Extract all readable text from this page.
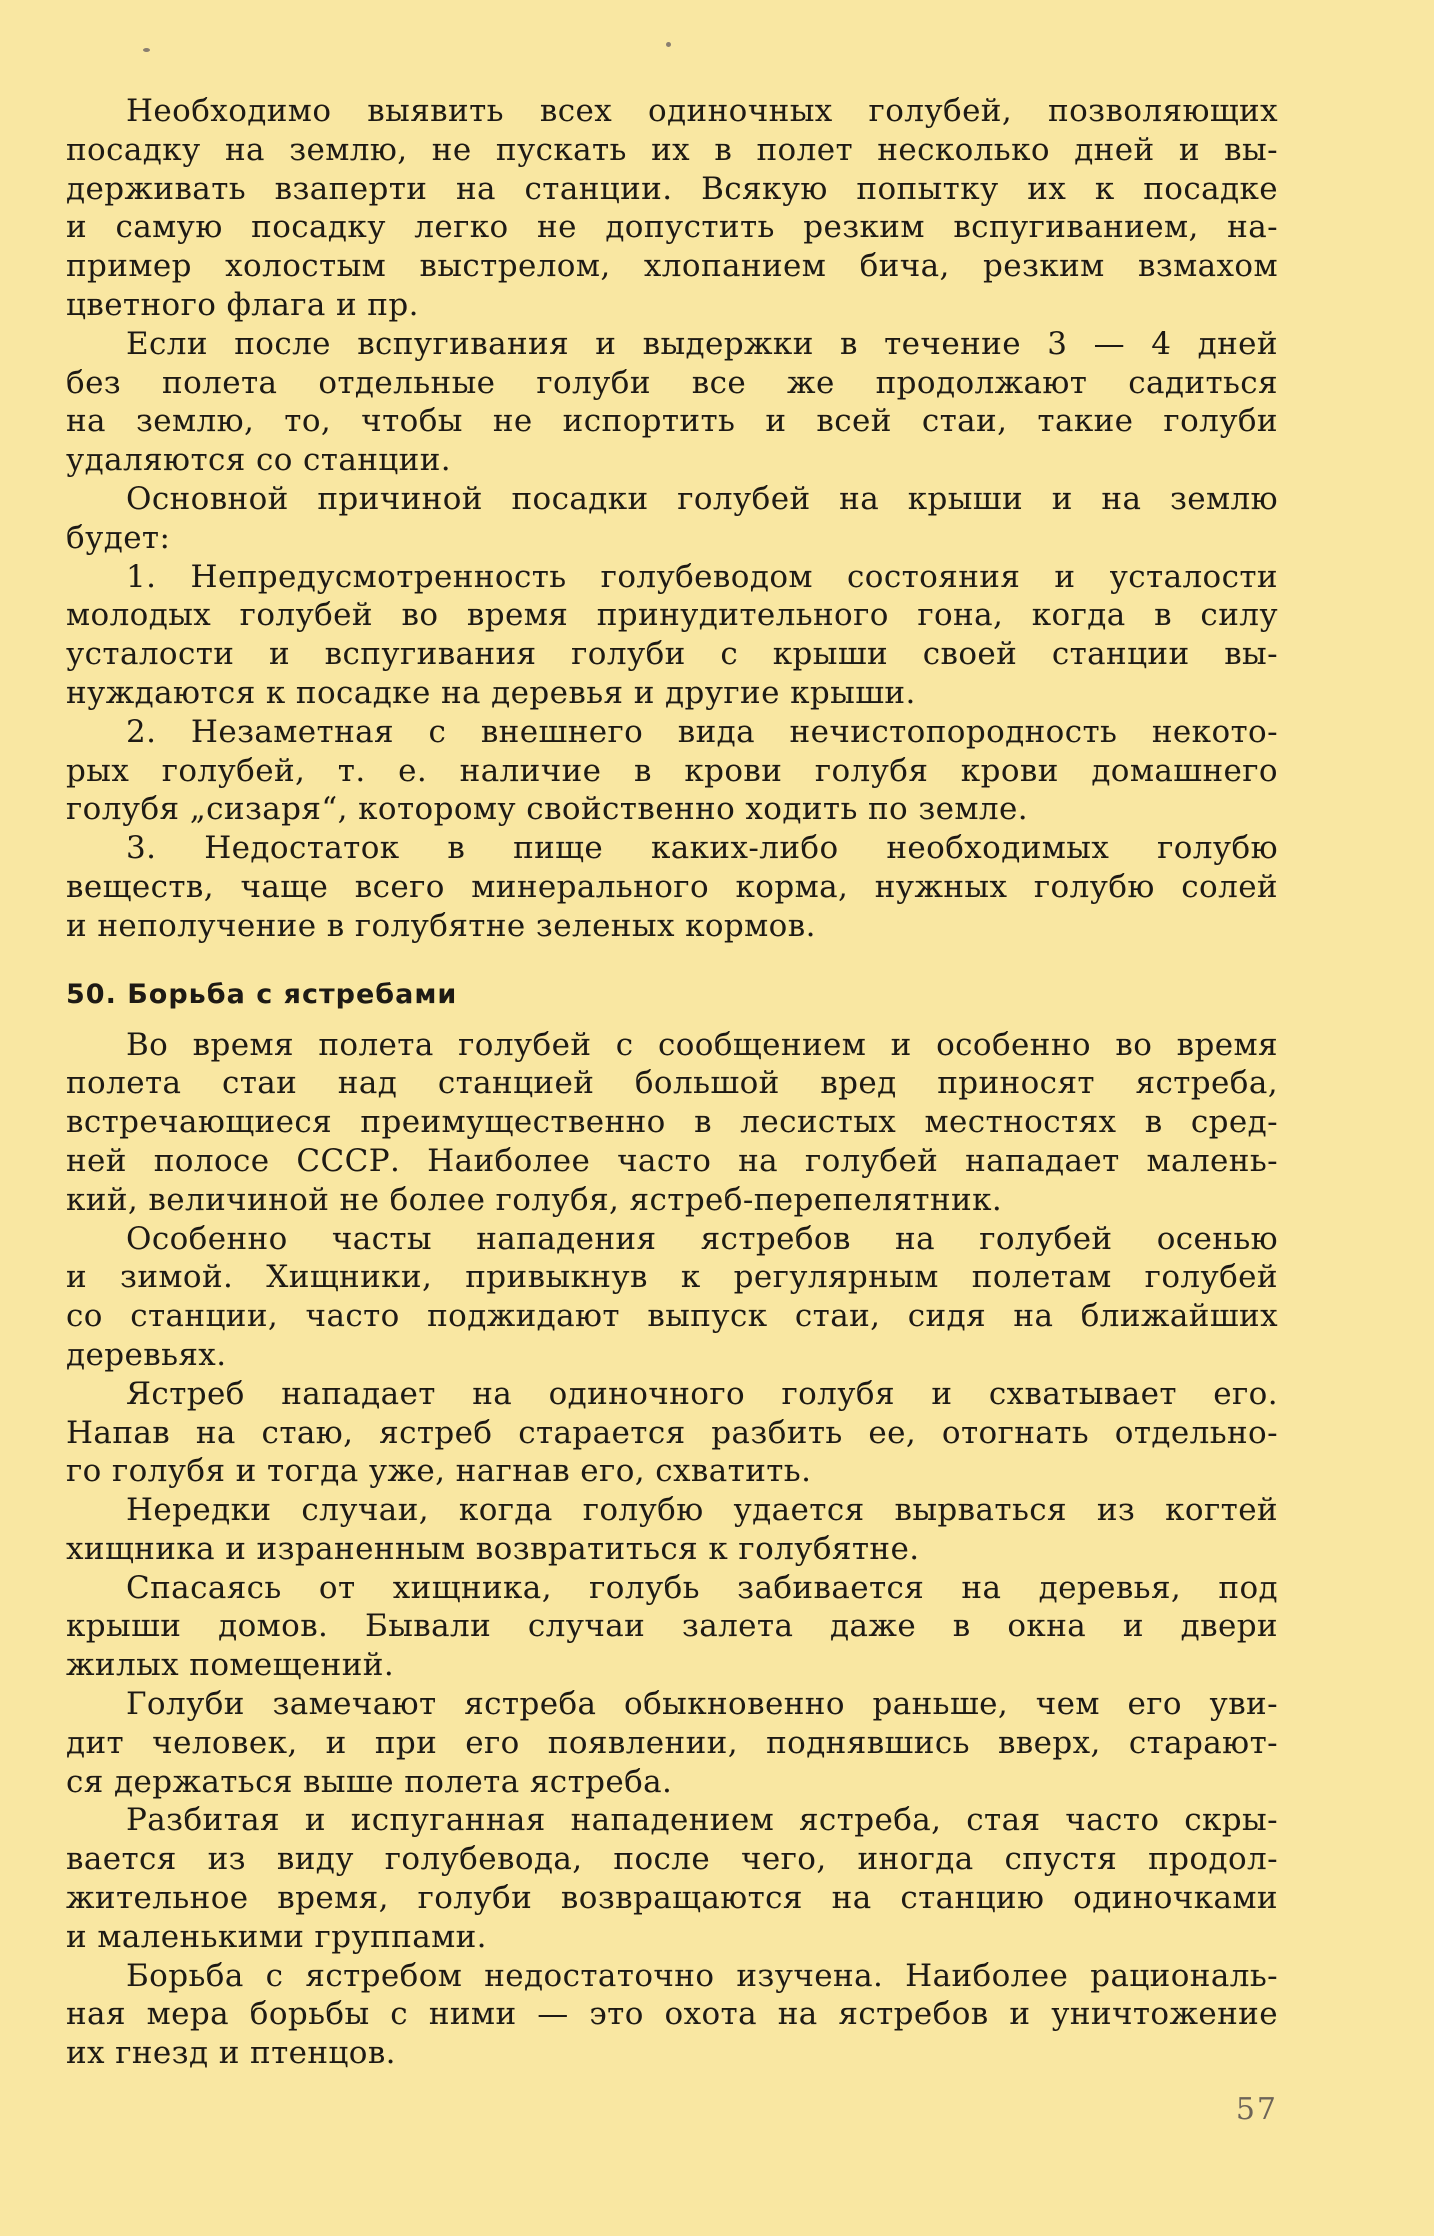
Необходимо выявить всех одиночных голубей, позволяющих
посадку на землю, не пускать их в полет несколько дней и вы-
держивать взаперти на станции. Всякую попытку их к посадке
и самую посадку легко не допустить резким вспугиванием, на-
пример холостым выстрелом, хлопанием бича, резким взмахом
цветного флага и пр.
Если после вспугивания и выдержки в течение 3 — 4 дней
без полета отдельные голуби все же продолжают садиться
на землю, то, чтобы не испортить и всей стаи, такие голуби
удаляются со станции.
Основной причиной посадки голубей на крыши и на землю
будет:
1. Непредусмотренность голубеводом состояния и усталости
молодых голубей во время принудительного гона, когда в силу
усталости и вспугивания голуби с крыши своей станции вы-
нуждаются к посадке на деревья и другие крыши.
2. Незаметная с внешнего вида нечистопородность некото-
рых голубей, т. е. наличие в крови голубя крови домашнего
голубя „сизаря“, которому свойственно ходить по земле.
3. Недостаток в пище каких-либо необходимых голубю
веществ, чаще всего минерального корма, нужных голубю солей
и неполучение в голубятне зеленых кормов.
50. Борьба с ястребами
Во время полета голубей с сообщением и особенно во время
полета стаи над станцией большой вред приносят ястреба,
встречающиеся преимущественно в лесистых местностях в сред-
ней полосе СССР. Наиболее часто на голубей нападает малень-
кий, величиной не более голубя, ястреб-перепелятник.
Особенно часты нападения ястребов на голубей осенью
и зимой. Хищники, привыкнув к регулярным полетам голубей
со станции, часто поджидают выпуск стаи, сидя на ближайших
деревьях.
Ястреб нападает на одиночного голубя и схватывает его.
Напав на стаю, ястреб старается разбить ее, отогнать отдельно-
го голубя и тогда уже, нагнав его, схватить.
Нередки случаи, когда голубю удается вырваться из когтей
хищника и израненным возвратиться к голубятне.
Спасаясь от хищника, голубь забивается на деревья, под
крыши домов. Бывали случаи залета даже в окна и двери
жилых помещений.
Голуби замечают ястреба обыкновенно раньше, чем его уви-
дит человек, и при его появлении, поднявшись вверх, старают-
ся держаться выше полета ястреба.
Разбитая и испуганная нападением ястреба, стая часто скры-
вается из виду голубевода, после чего, иногда спустя продол-
жительное время, голуби возвращаются на станцию одиночками
и маленькими группами.
Борьба с ястребом недостаточно изучена. Наиболее рациональ-
ная мера борьбы с ними — это охота на ястребов и уничтожение
их гнезд и птенцов.
57
